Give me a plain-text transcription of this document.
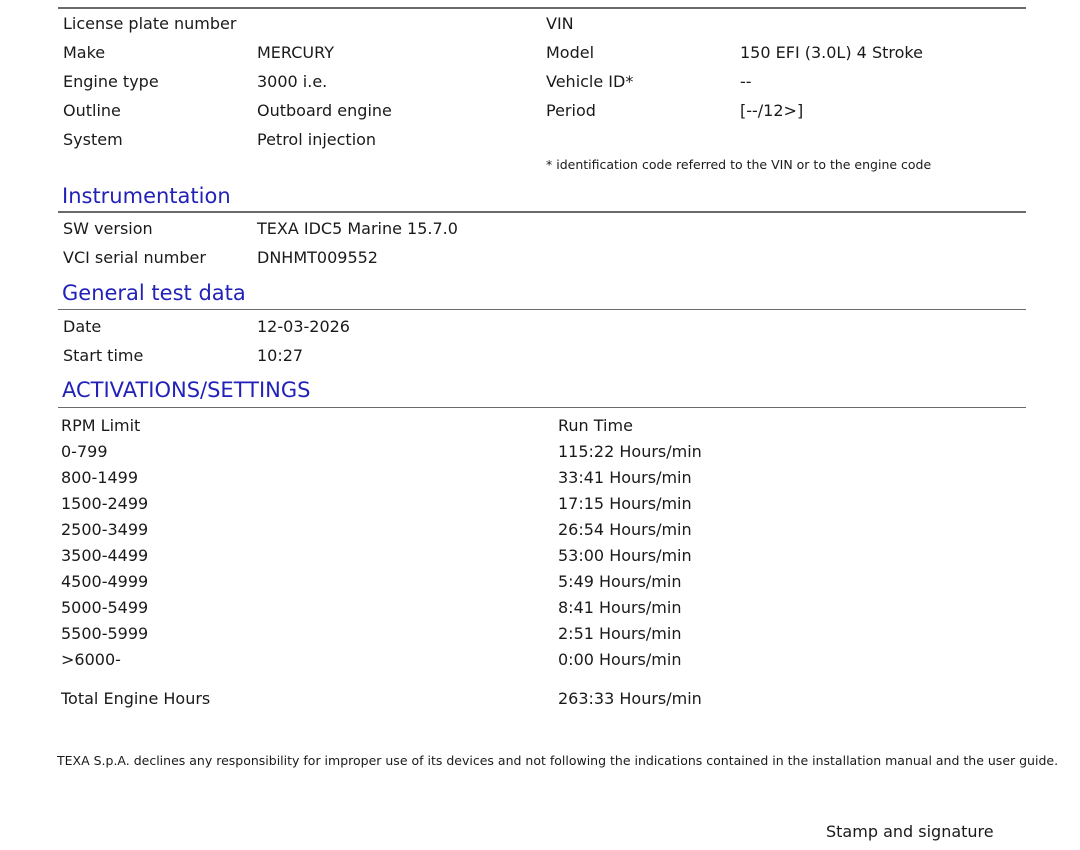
License plate number	VIN
Make	MERCURY	Model	150 EFI (3.0L) 4 Stroke
Engine type	3000 i.e.	Vehicle ID*	--
Outline	Outboard engine	Period	[--/12>]
System	Petrol injection
* identification code referred to the VIN or to the engine code
Instrumentation
SW version	TEXA IDC5 Marine 15.7.0
VCI serial number	DNHMT009552
General test data
Date	12-03-2026
Start time	10:27
ACTIVATIONS/SETTINGS
RPM Limit	Run Time
0-799	115:22 Hours/min
800-1499	33:41 Hours/min
1500-2499	17:15 Hours/min
2500-3499	26:54 Hours/min
3500-4499	53:00 Hours/min
4500-4999	5:49 Hours/min
5000-5499	8:41 Hours/min
5500-5999	2:51 Hours/min
>6000-	0:00 Hours/min
Total Engine Hours	263:33 Hours/min
TEXA S.p.A. declines any responsibility for improper use of its devices and not following the indications contained in the installation manual and the user guide.
Stamp and signature
